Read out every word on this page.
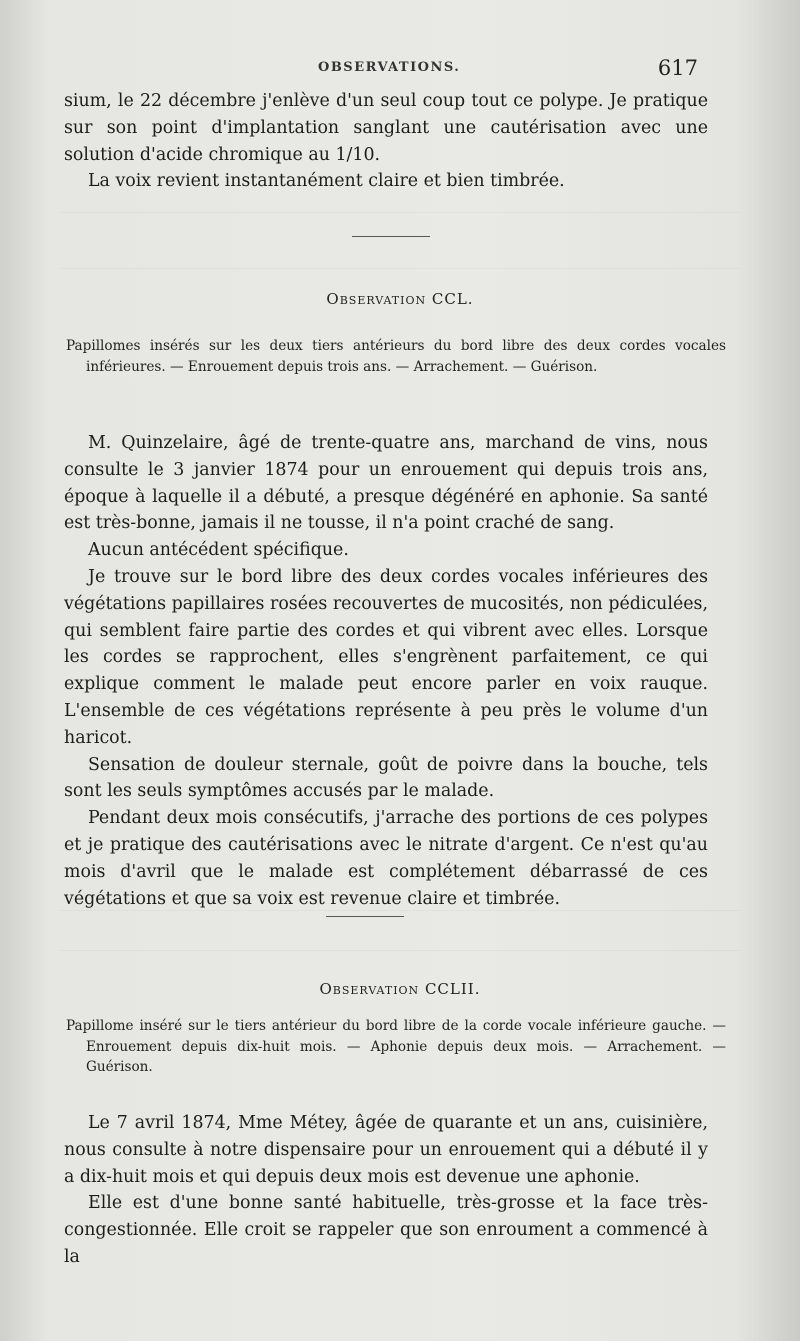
OBSERVATIONS.	617

sium, le 22 décembre j'enlève d'un seul coup tout ce polype. Je pratique sur son point d'implantation sanglant une cautérisation avec une solution d'acide chromique au 1/10.

La voix revient instantanément claire et bien timbrée.

Observation CCL.
Papillomes insérés sur les deux tiers antérieurs du bord libre des deux cordes vocales inférieures. — Enrouement depuis trois ans. — Arrachement. — Guérison.

M. Quinzelaire, âgé de trente-quatre ans, marchand de vins, nous consulte le 3 janvier 1874 pour un enrouement qui depuis trois ans, époque à laquelle il a débuté, a presque dégénéré en aphonie. Sa santé est très-bonne, jamais il ne tousse, il n'a point craché de sang.

Aucun antécédent spécifique.

Je trouve sur le bord libre des deux cordes vocales inférieures des végétations papillaires rosées recouvertes de mucosités, non pédiculées, qui semblent faire partie des cordes et qui vibrent avec elles. Lorsque les cordes se rapprochent, elles s'engrènent parfaitement, ce qui explique comment le malade peut encore parler en voix rauque. L'ensemble de ces végétations représente à peu près le volume d'un haricot.

Sensation de douleur sternale, goût de poivre dans la bouche, tels sont les seuls symptômes accusés par le malade.

Pendant deux mois consécutifs, j'arrache des portions de ces polypes et je pratique des cautérisations avec le nitrate d'argent. Ce n'est qu'au mois d'avril que le malade est complétement débarrassé de ces végétations et que sa voix est revenue claire et timbrée.

Observation CCLII.
Papillome inséré sur le tiers antérieur du bord libre de la corde vocale inférieure gauche. — Enrouement depuis dix-huit mois. — Aphonie depuis deux mois. — Arrachement. — Guérison.

Le 7 avril 1874, Mme Métey, âgée de quarante et un ans, cuisinière, nous consulte à notre dispensaire pour un enrouement qui a débuté il y a dix-huit mois et qui depuis deux mois est devenue une aphonie.

Elle est d'une bonne santé habituelle, très-grosse et la face très-congestionnée. Elle croit se rappeler que son enroument a commencé à la
